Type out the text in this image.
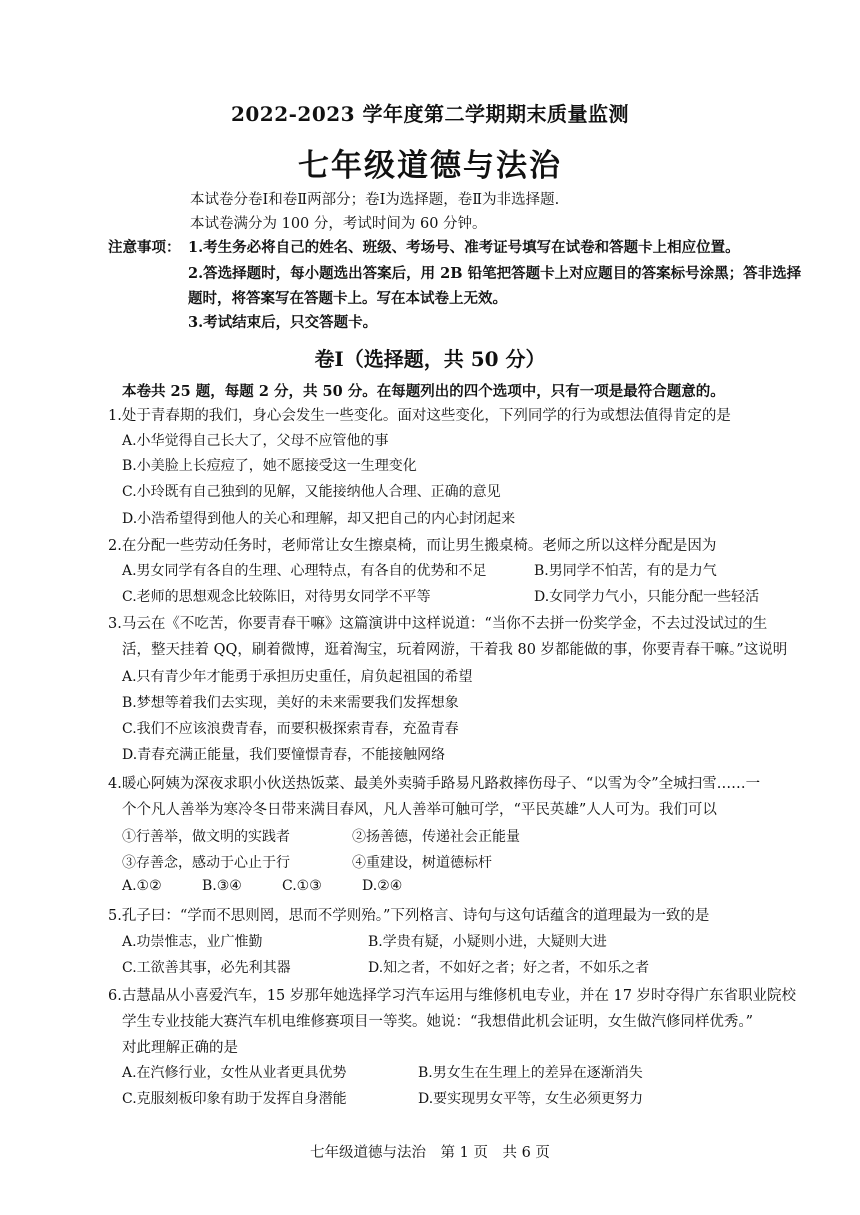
2022-2023 学年度第二学期期末质量监测
七年级道德与法治
本试卷分卷Ⅰ和卷Ⅱ两部分；卷Ⅰ为选择题，卷Ⅱ为非选择题.
本试卷满分为 100 分，考试时间为 60 分钟。
注意事项： 1.考生务必将自己的姓名、班级、考场号、准考证号填写在试卷和答题卡上相应位置。
2.答选择题时，每小题选出答案后，用 2B 铅笔把答题卡上对应题目的答案标号涂黑；答非选择
题时，将答案写在答题卡上。写在本试卷上无效。
3.考试结束后，只交答题卡。
卷Ⅰ（选择题，共 50 分）
本卷共 25 题，每题 2 分，共 50 分。在每题列出的四个选项中，只有一项是最符合题意的。
1.处于青春期的我们，身心会发生一些变化。面对这些变化，下列同学的行为或想法值得肯定的是
A.小华觉得自己长大了，父母不应管他的事
B.小美脸上长痘痘了，她不愿接受这一生理变化
C.小玲既有自己独到的见解，又能接纳他人合理、正确的意见
D.小浩希望得到他人的关心和理解，却又把自己的内心封闭起来
2.在分配一些劳动任务时，老师常让女生擦桌椅，而让男生搬桌椅。老师之所以这样分配是因为
A.男女同学有各自的生理、心理特点，有各自的优势和不足	B.男同学不怕苦，有的是力气
C.老师的思想观念比较陈旧，对待男女同学不平等	D.女同学力气小，只能分配一些轻活
3.马云在《不吃苦，你要青春干嘛》这篇演讲中这样说道：“当你不去拼一份奖学金，不去过没试过的生
活，整天挂着 QQ，刷着微博，逛着淘宝，玩着网游，干着我 80 岁都能做的事，你要青春干嘛。”这说明
A.只有青少年才能勇于承担历史重任，肩负起祖国的希望
B.梦想等着我们去实现，美好的未来需要我们发挥想象
C.我们不应该浪费青春，而要积极探索青春，充盈青春
D.青春充满正能量，我们要憧憬青春，不能接触网络
4.暖心阿姨为深夜求职小伙送热饭菜、最美外卖骑手路易凡路救摔伤母子、“以雪为令”全城扫雪……一
个个凡人善举为寒冷冬日带来满目春风，凡人善举可触可学，“平民英雄”人人可为。我们可以
①行善举，做文明的实践者	②扬善德，传递社会正能量
③存善念，感动于心止于行	④重建设，树道德标杆
A.①②	B.③④	C.①③	D.②④
5.孔子曰：“学而不思则罔，思而不学则殆。”下列格言、诗句与这句话蕴含的道理最为一致的是
A.功崇惟志，业广惟勤	B.学贵有疑，小疑则小进，大疑则大进
C.工欲善其事，必先利其器	D.知之者，不如好之者；好之者，不如乐之者
6.古慧晶从小喜爱汽车，15 岁那年她选择学习汽车运用与维修机电专业，并在 17 岁时夺得广东省职业院校
学生专业技能大赛汽车机电维修赛项目一等奖。她说：“我想借此机会证明，女生做汽修同样优秀。”
对此理解正确的是
A.在汽修行业，女性从业者更具优势	B.男女生在生理上的差异在逐渐消失
C.克服刻板印象有助于发挥自身潜能	D.要实现男女平等，女生必须更努力
七年级道德与法治　第 1 页　共 6 页
